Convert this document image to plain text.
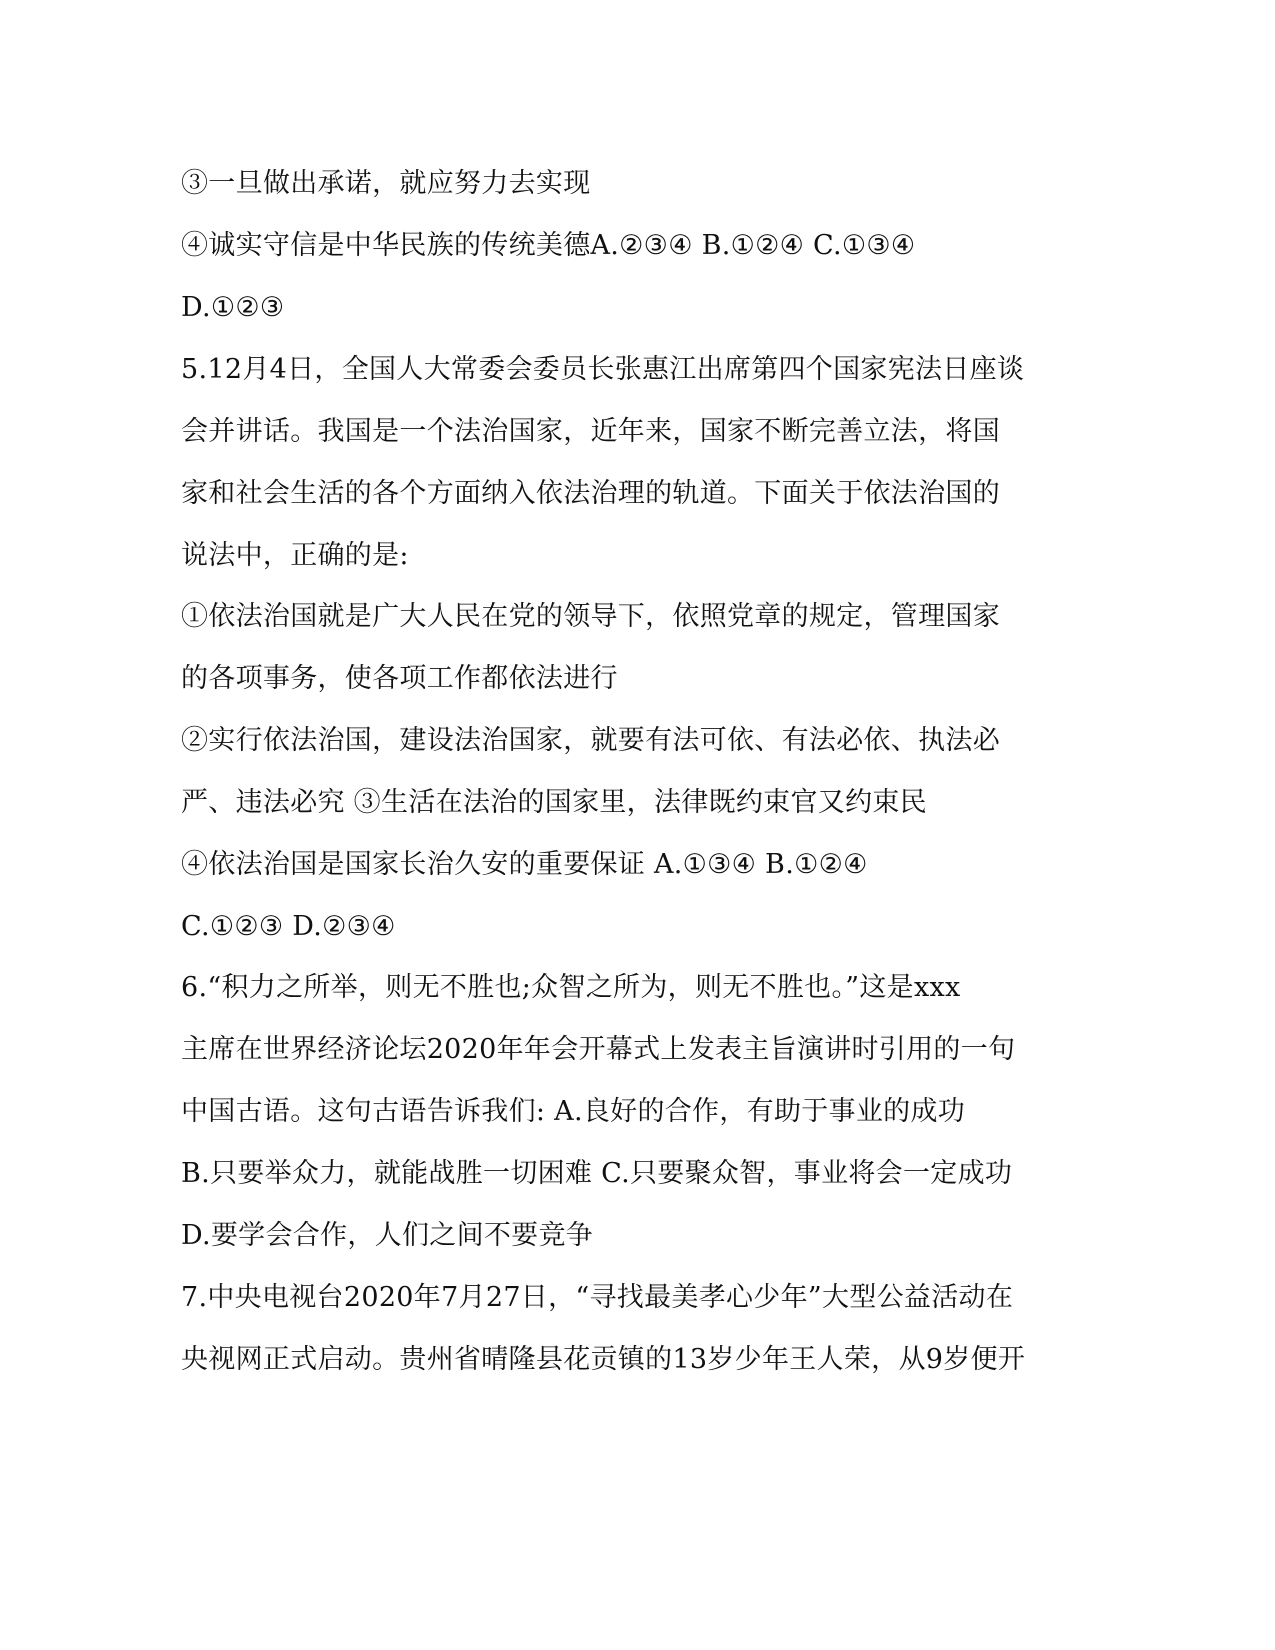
③一旦做出承诺，就应努力去实现
④诚实守信是中华民族的传统美德A.②③④ B.①②④ C.①③④
D.①②③
5.12月4日，全国人大常委会委员长张惠江出席第四个国家宪法日座谈
会并讲话。我国是一个法治国家，近年来，国家不断完善立法，将国
家和社会生活的各个方面纳入依法治理的轨道。下面关于依法治国的
说法中，正确的是:
①依法治国就是广大人民在党的领导下，依照党章的规定，管理国家
的各项事务，使各项工作都依法进行
②实行依法治国，建设法治国家，就要有法可依、有法必依、执法必
严、违法必究 ③生活在法治的国家里，法律既约束官又约束民
④依法治国是国家长治久安的重要保证 A.①③④ B.①②④
C.①②③ D.②③④
6.“积力之所举，则无不胜也;众智之所为，则无不胜也。”这是xxx
主席在世界经济论坛2020年年会开幕式上发表主旨演讲时引用的一句
中国古语。这句古语告诉我们: A.良好的合作，有助于事业的成功
B.只要举众力，就能战胜一切困难 C.只要聚众智，事业将会一定成功
D.要学会合作，人们之间不要竞争
7.中央电视台2020年7月27日，“寻找最美孝心少年”大型公益活动在
央视网正式启动。贵州省晴隆县花贡镇的13岁少年王人荣，从9岁便开
